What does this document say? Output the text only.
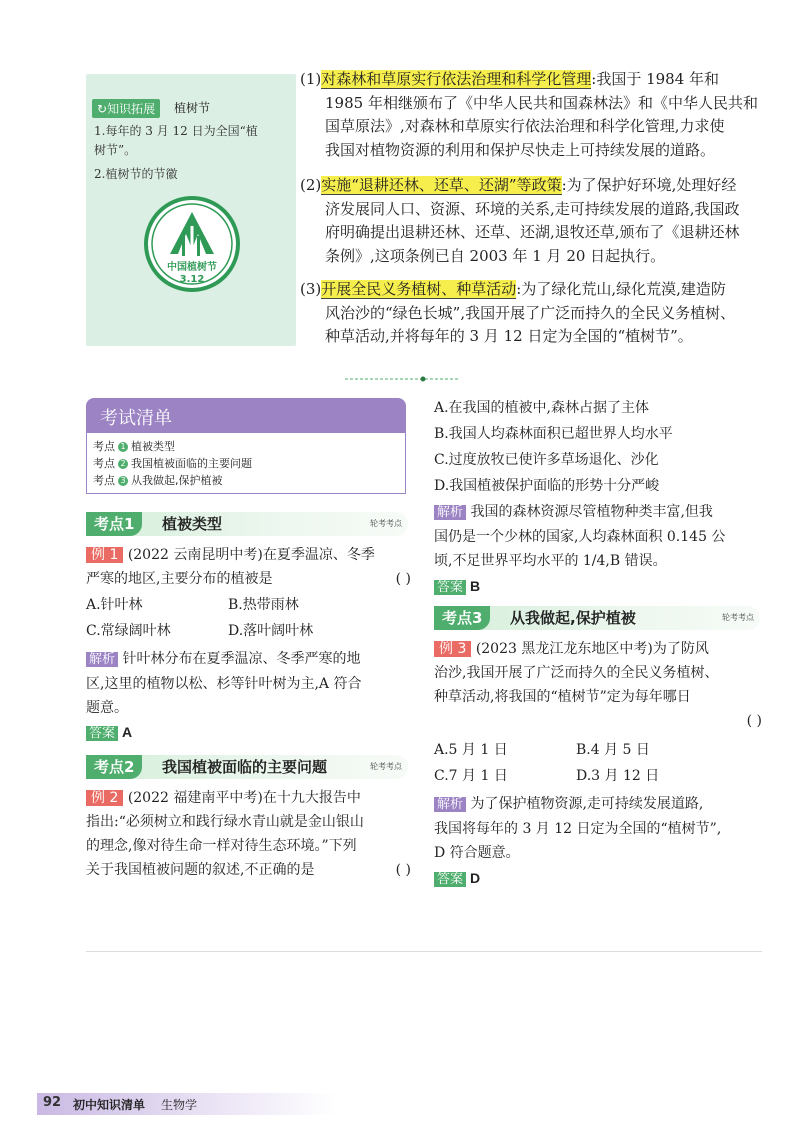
↻知识拓展	植树节
1.每年的 3 月 12 日为全国“植
树节”。
2.植树节的节徽
中国植树节
3.12
(1)对森林和草原实行依法治理和科学化管理:我国于 1984 年和
1985 年相继颁布了《中华人民共和国森林法》和《中华人民共和
国草原法》,对森林和草原实行依法治理和科学化管理,力求使
我国对植物资源的利用和保护尽快走上可持续发展的道路。
(2)实施“退耕还林、还草、还湖”等政策:为了保护好环境,处理好经
济发展同人口、资源、环境的关系,走可持续发展的道路,我国政
府明确提出退耕还林、还草、还湖,退牧还草,颁布了《退耕还林
条例》,这项条例已自 2003 年 1 月 20 日起执行。
(3)开展全民义务植树、种草活动:为了绿化荒山,绿化荒漠,建造防
风治沙的“绿色长城”,我国开展了广泛而持久的全民义务植树、
种草活动,并将每年的 3 月 12 日定为全国的“植树节”。
考试清单
考点 1 植被类型
考点 2 我国植被面临的主要问题
考点 3 从我做起,保护植被
考点1	植被类型	轮考考点
例 1 (2022 云南昆明中考)在夏季温凉、冬季
严寒的地区,主要分布的植被是	( )
A.针叶林	B.热带雨林
C.常绿阔叶林	D.落叶阔叶林
解析 针叶林分布在夏季温凉、冬季严寒的地
区,这里的植物以松、杉等针叶树为主,A 符合
题意。
答案 A
考点2	我国植被面临的主要问题	轮考考点
例 2 (2022 福建南平中考)在十九大报告中
指出:“必须树立和践行绿水青山就是金山银山
的理念,像对待生命一样对待生态环境。”下列
关于我国植被问题的叙述,不正确的是	( )
A.在我国的植被中,森林占据了主体
B.我国人均森林面积已超世界人均水平
C.过度放牧已使许多草场退化、沙化
D.我国植被保护面临的形势十分严峻
解析 我国的森林资源尽管植物种类丰富,但我
国仍是一个少林的国家,人均森林面积 0.145 公
顷,不足世界平均水平的 1/4,B 错误。
答案 B
考点3	从我做起,保护植被	轮考考点
例 3 (2023 黑龙江龙东地区中考)为了防风
治沙,我国开展了广泛而持久的全民义务植树、
种草活动,将我国的“植树节”定为每年哪日
( )
A.5 月 1 日	B.4 月 5 日
C.7 月 1 日	D.3 月 12 日
解析 为了保护植物资源,走可持续发展道路,
我国将每年的 3 月 12 日定为全国的“植树节”,
D 符合题意。
答案 D
92 初中知识清单 生物学
